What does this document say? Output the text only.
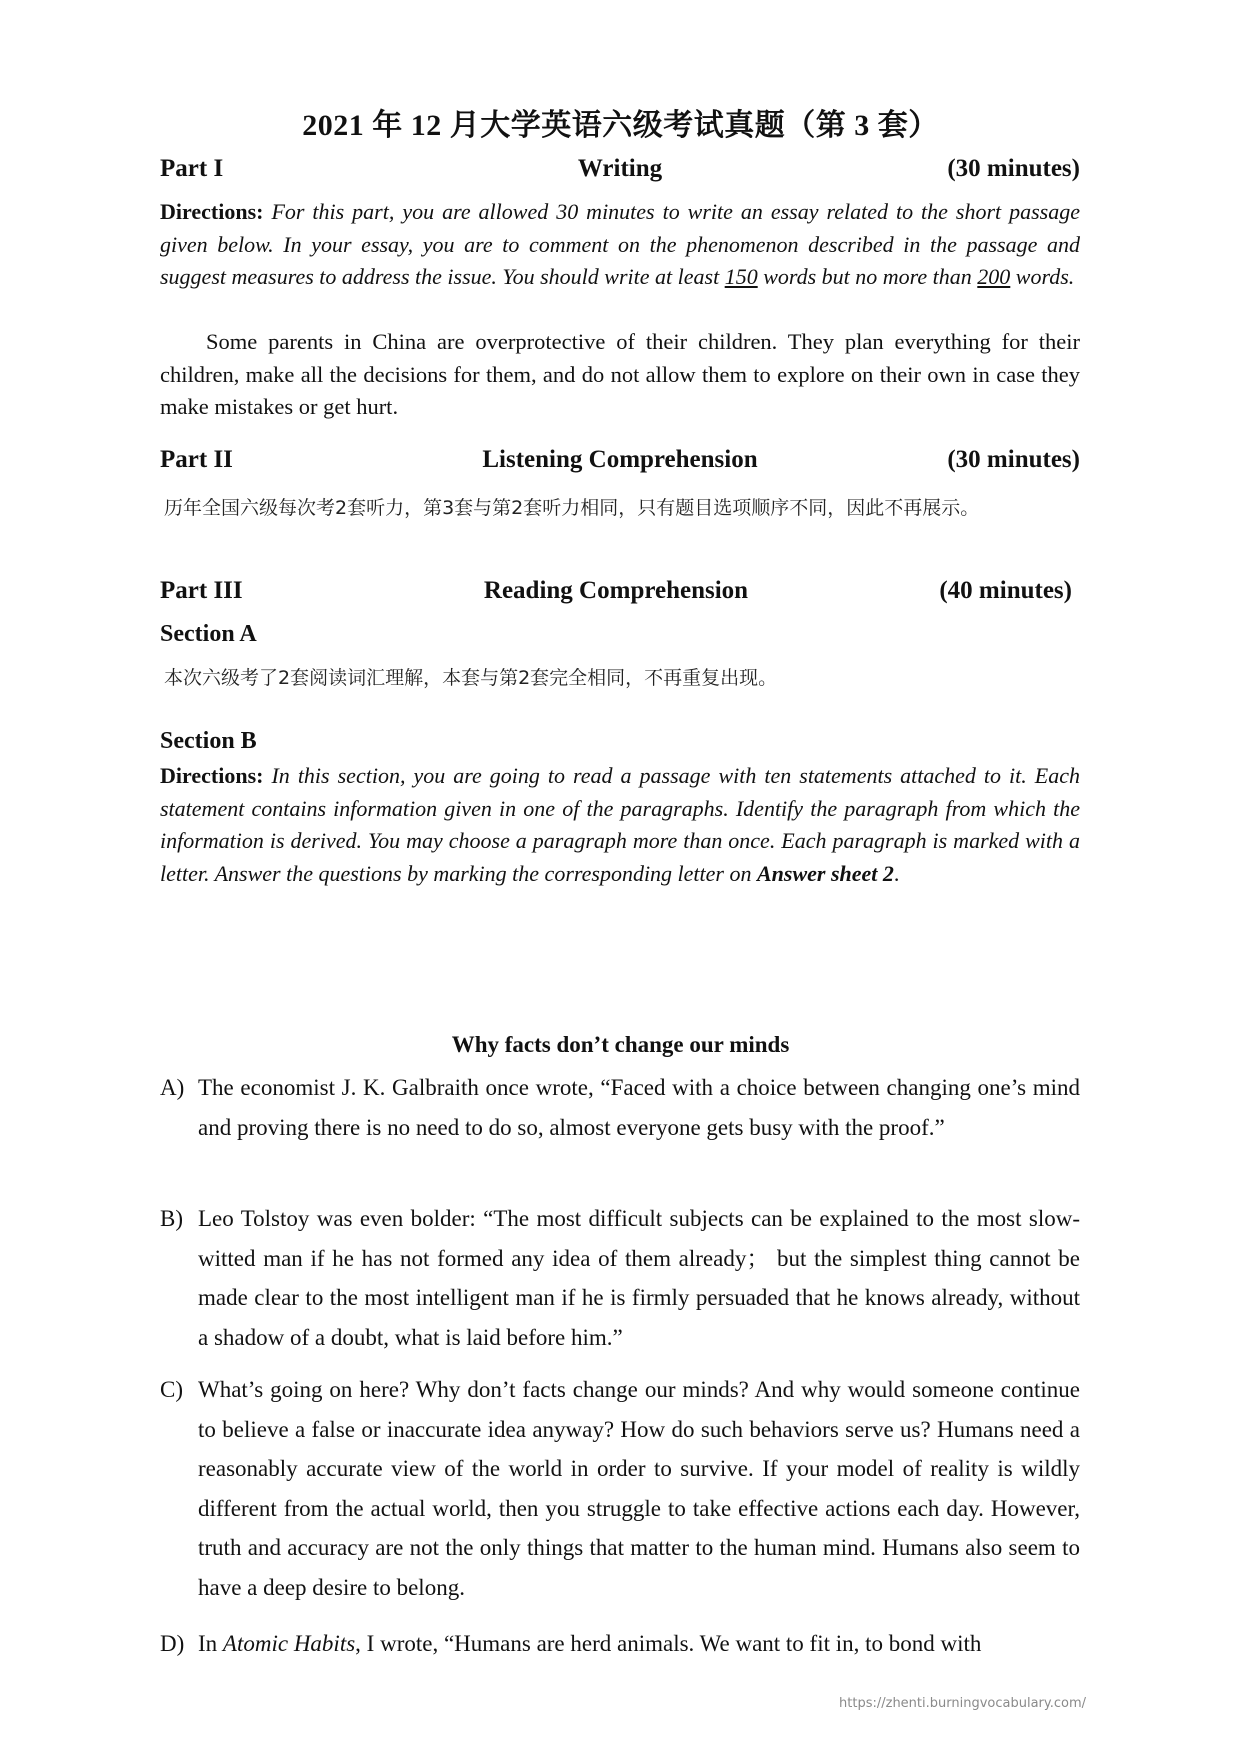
2021 年 12 月大学英语六级考试真题（第 3 套）
Part I	Writing	(30 minutes)
Directions: For this part, you are allowed 30 minutes to write an essay related to the short passage given below. In your essay, you are to comment on the phenomenon described in the passage and suggest measures to address the issue. You should write at least 150 words but no more than 200 words.
Some parents in China are overprotective of their children. They plan everything for their children, make all the decisions for them, and do not allow them to explore on their own in case they make mistakes or get hurt.
Part II	Listening Comprehension	(30 minutes)
历年全国六级每次考2套听力，第3套与第2套听力相同，只有题目选项顺序不同，因此不再展示。
Part III	Reading Comprehension	(40 minutes)
Section A
本次六级考了2套阅读词汇理解，本套与第2套完全相同，不再重复出现。
Section B
Directions: In this section, you are going to read a passage with ten statements attached to it. Each statement contains information given in one of the paragraphs. Identify the paragraph from which the information is derived. You may choose a paragraph more than once. Each paragraph is marked with a letter. Answer the questions by marking the corresponding letter on Answer sheet 2.
Why facts don’t change our minds
A) The economist J. K. Galbraith once wrote, “Faced with a choice between changing one’s mind and proving there is no need to do so, almost everyone gets busy with the proof.”
B) Leo Tolstoy was even bolder: “The most difficult subjects can be explained to the most slow-witted man if he has not formed any idea of them already； but the simplest thing cannot be made clear to the most intelligent man if he is firmly persuaded that he knows already, without a shadow of a doubt, what is laid before him.”
C) What’s going on here? Why don’t facts change our minds? And why would someone continue to believe a false or inaccurate idea anyway? How do such behaviors serve us? Humans need a reasonably accurate view of the world in order to survive. If your model of reality is wildly different from the actual world, then you struggle to take effective actions each day. However, truth and accuracy are not the only things that matter to the human mind. Humans also seem to have a deep desire to belong.
D) In Atomic Habits, I wrote, “Humans are herd animals. We want to fit in, to bond with
https://zhenti.burningvocabulary.com/
